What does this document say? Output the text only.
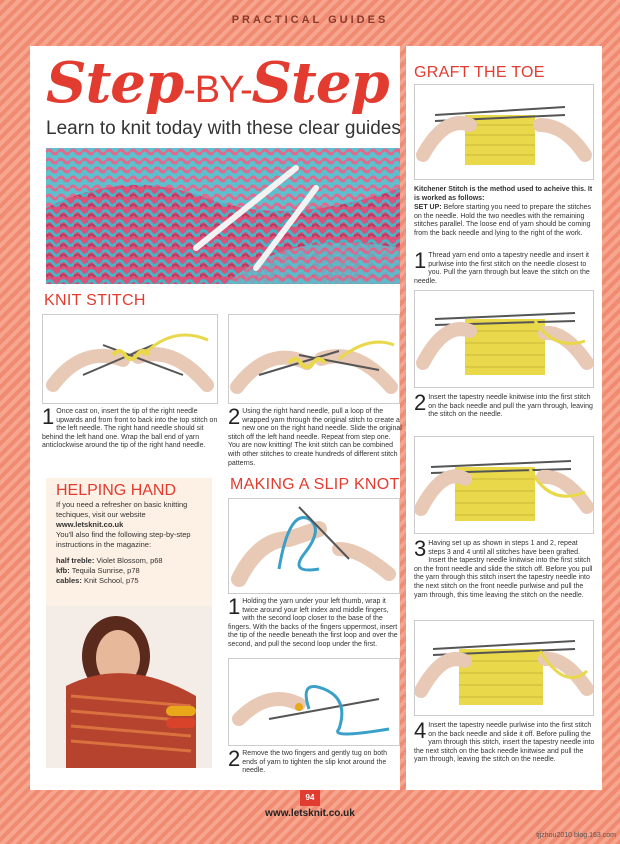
PRACTICAL GUIDES
Step-BY-Step
Learn to knit today with these clear guides
KNIT STITCH
1 Once cast on, insert the tip of the right needle upwards and from front to back into the top stitch on the left needle. The right hand needle should sit behind the left hand one. Wrap the ball end of yarn anticlockwise around the tip of the right hand needle.
2 Using the right hand needle, pull a loop of the wrapped yarn through the original stitch to create a new one on the right hand needle. Slide the original stitch off the left hand needle. Repeat from step one. You are now knitting! The knit stitch can be combined with other stitches to create hundreds of different stitch patterns.
HELPING HAND
If you need a refresher on basic knitting techiques, visit our website
www.letsknit.co.uk
You'll also find the following step-by-step instructions in the magazine:
half treble: Violet Blossom, p68
kfb: Tequila Sunrise, p78
cables: Knit School, p75
MAKING A SLIP KNOT
1 Holding the yarn under your left thumb, wrap it twice around your left index and middle fingers, with the second loop closer to the base of the fingers. With the backs of the fingers uppermost, insert the tip of the needle beneath the first loop and over the second, and pull the second loop under the first.
2 Remove the two fingers and gently tug on both ends of yarn to tighten the slip knot around the needle.
GRAFT THE TOE
Kitchener Stitch is the method used to acheive this. It is worked as follows:
SET UP: Before starting you need to prepare the stitches on the needle. Hold the two needles with the remaining stitches parallel. The loose end of yarn should be coming from the back needle and lying to the right of the work.
1 Thread yarn end onto a tapestry needle and insert it purlwise into the first stitch on the needle closest to you. Pull the yarn through but leave the stitch on the needle.
2 Insert the tapestry needle knitwise into the first stitch on the back needle and pull the yarn through, leaving the stitch on the needle.
3 Having set up as shown in steps 1 and 2, repeat steps 3 and 4 until all stitches have been grafted. Insert the tapestry needle knitwise into the first stitch on the front needle and slide the stitch off. Before you pull the yarn through this stitch insert the tapestry needle into the next stitch on the front needle purlwise and pull the yarn through, this time leaving the stitch on the needle.
4 Insert the tapestry needle purlwise into the first stitch on the back needle and slide it off. Before pulling the yarn through this stitch, insert the tapestry needle into the next stitch on the back needle knitwise and pull the yarn through, leaving the stitch on the needle.
94
www.letsknit.co.uk
tjjzhou2010 blog.163.com
